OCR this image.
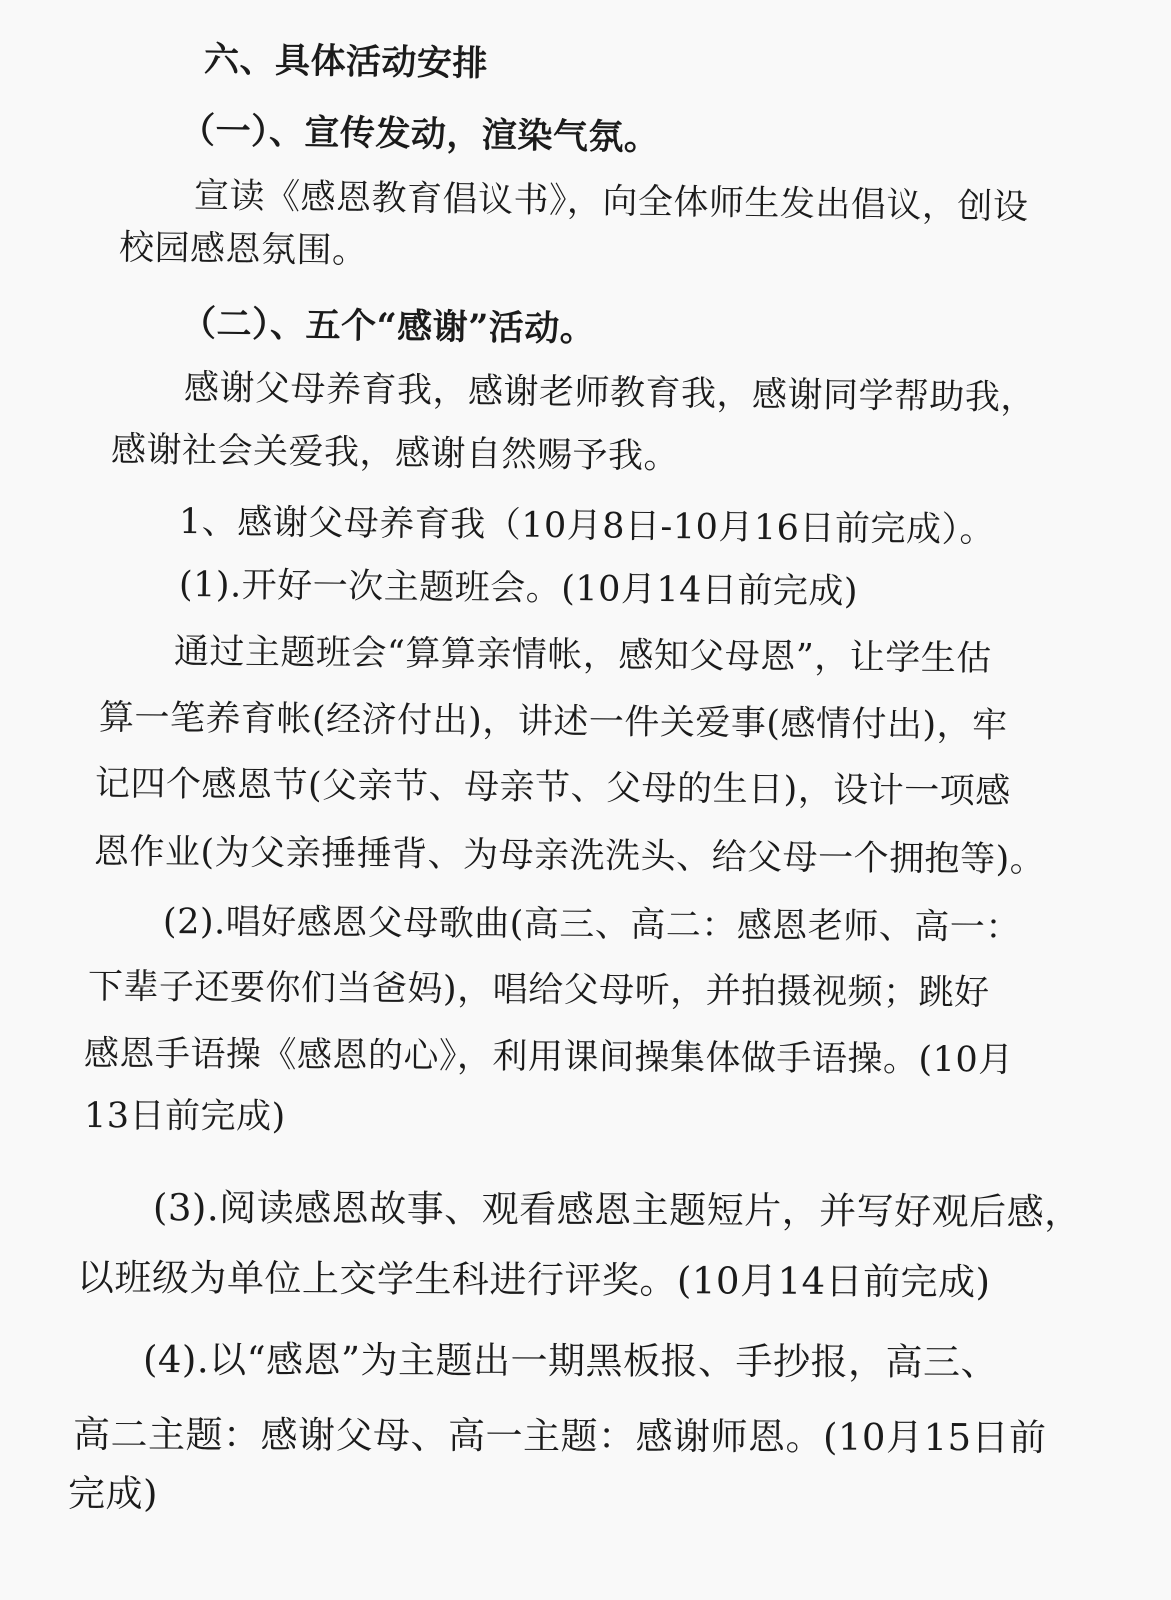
六、具体活动安排
（一）、宣传发动，渲染气氛。
宣读《感恩教育倡议书》，向全体师生发出倡议，创设
校园感恩氛围。
（二）、五个“感谢”活动。
感谢父母养育我，感谢老师教育我，感谢同学帮助我，
感谢社会关爱我，感谢自然赐予我。
1、感谢父母养育我（10月8日-10月16日前完成）。
(1).开好一次主题班会。(10月14日前完成)
通过主题班会“算算亲情帐，感知父母恩”，让学生估
算一笔养育帐(经济付出)，讲述一件关爱事(感情付出)，牢
记四个感恩节(父亲节、母亲节、父母的生日)，设计一项感
恩作业(为父亲捶捶背、为母亲洗洗头、给父母一个拥抱等)。
(2).唱好感恩父母歌曲(高三、高二：感恩老师、高一：
下辈子还要你们当爸妈)，唱给父母听，并拍摄视频；跳好
感恩手语操《感恩的心》，利用课间操集体做手语操。(10月
13日前完成)
(3).阅读感恩故事、观看感恩主题短片，并写好观后感，
以班级为单位上交学生科进行评奖。(10月14日前完成)
(4).以“感恩”为主题出一期黑板报、手抄报，高三、
高二主题：感谢父母、高一主题：感谢师恩。(10月15日前
完成)
